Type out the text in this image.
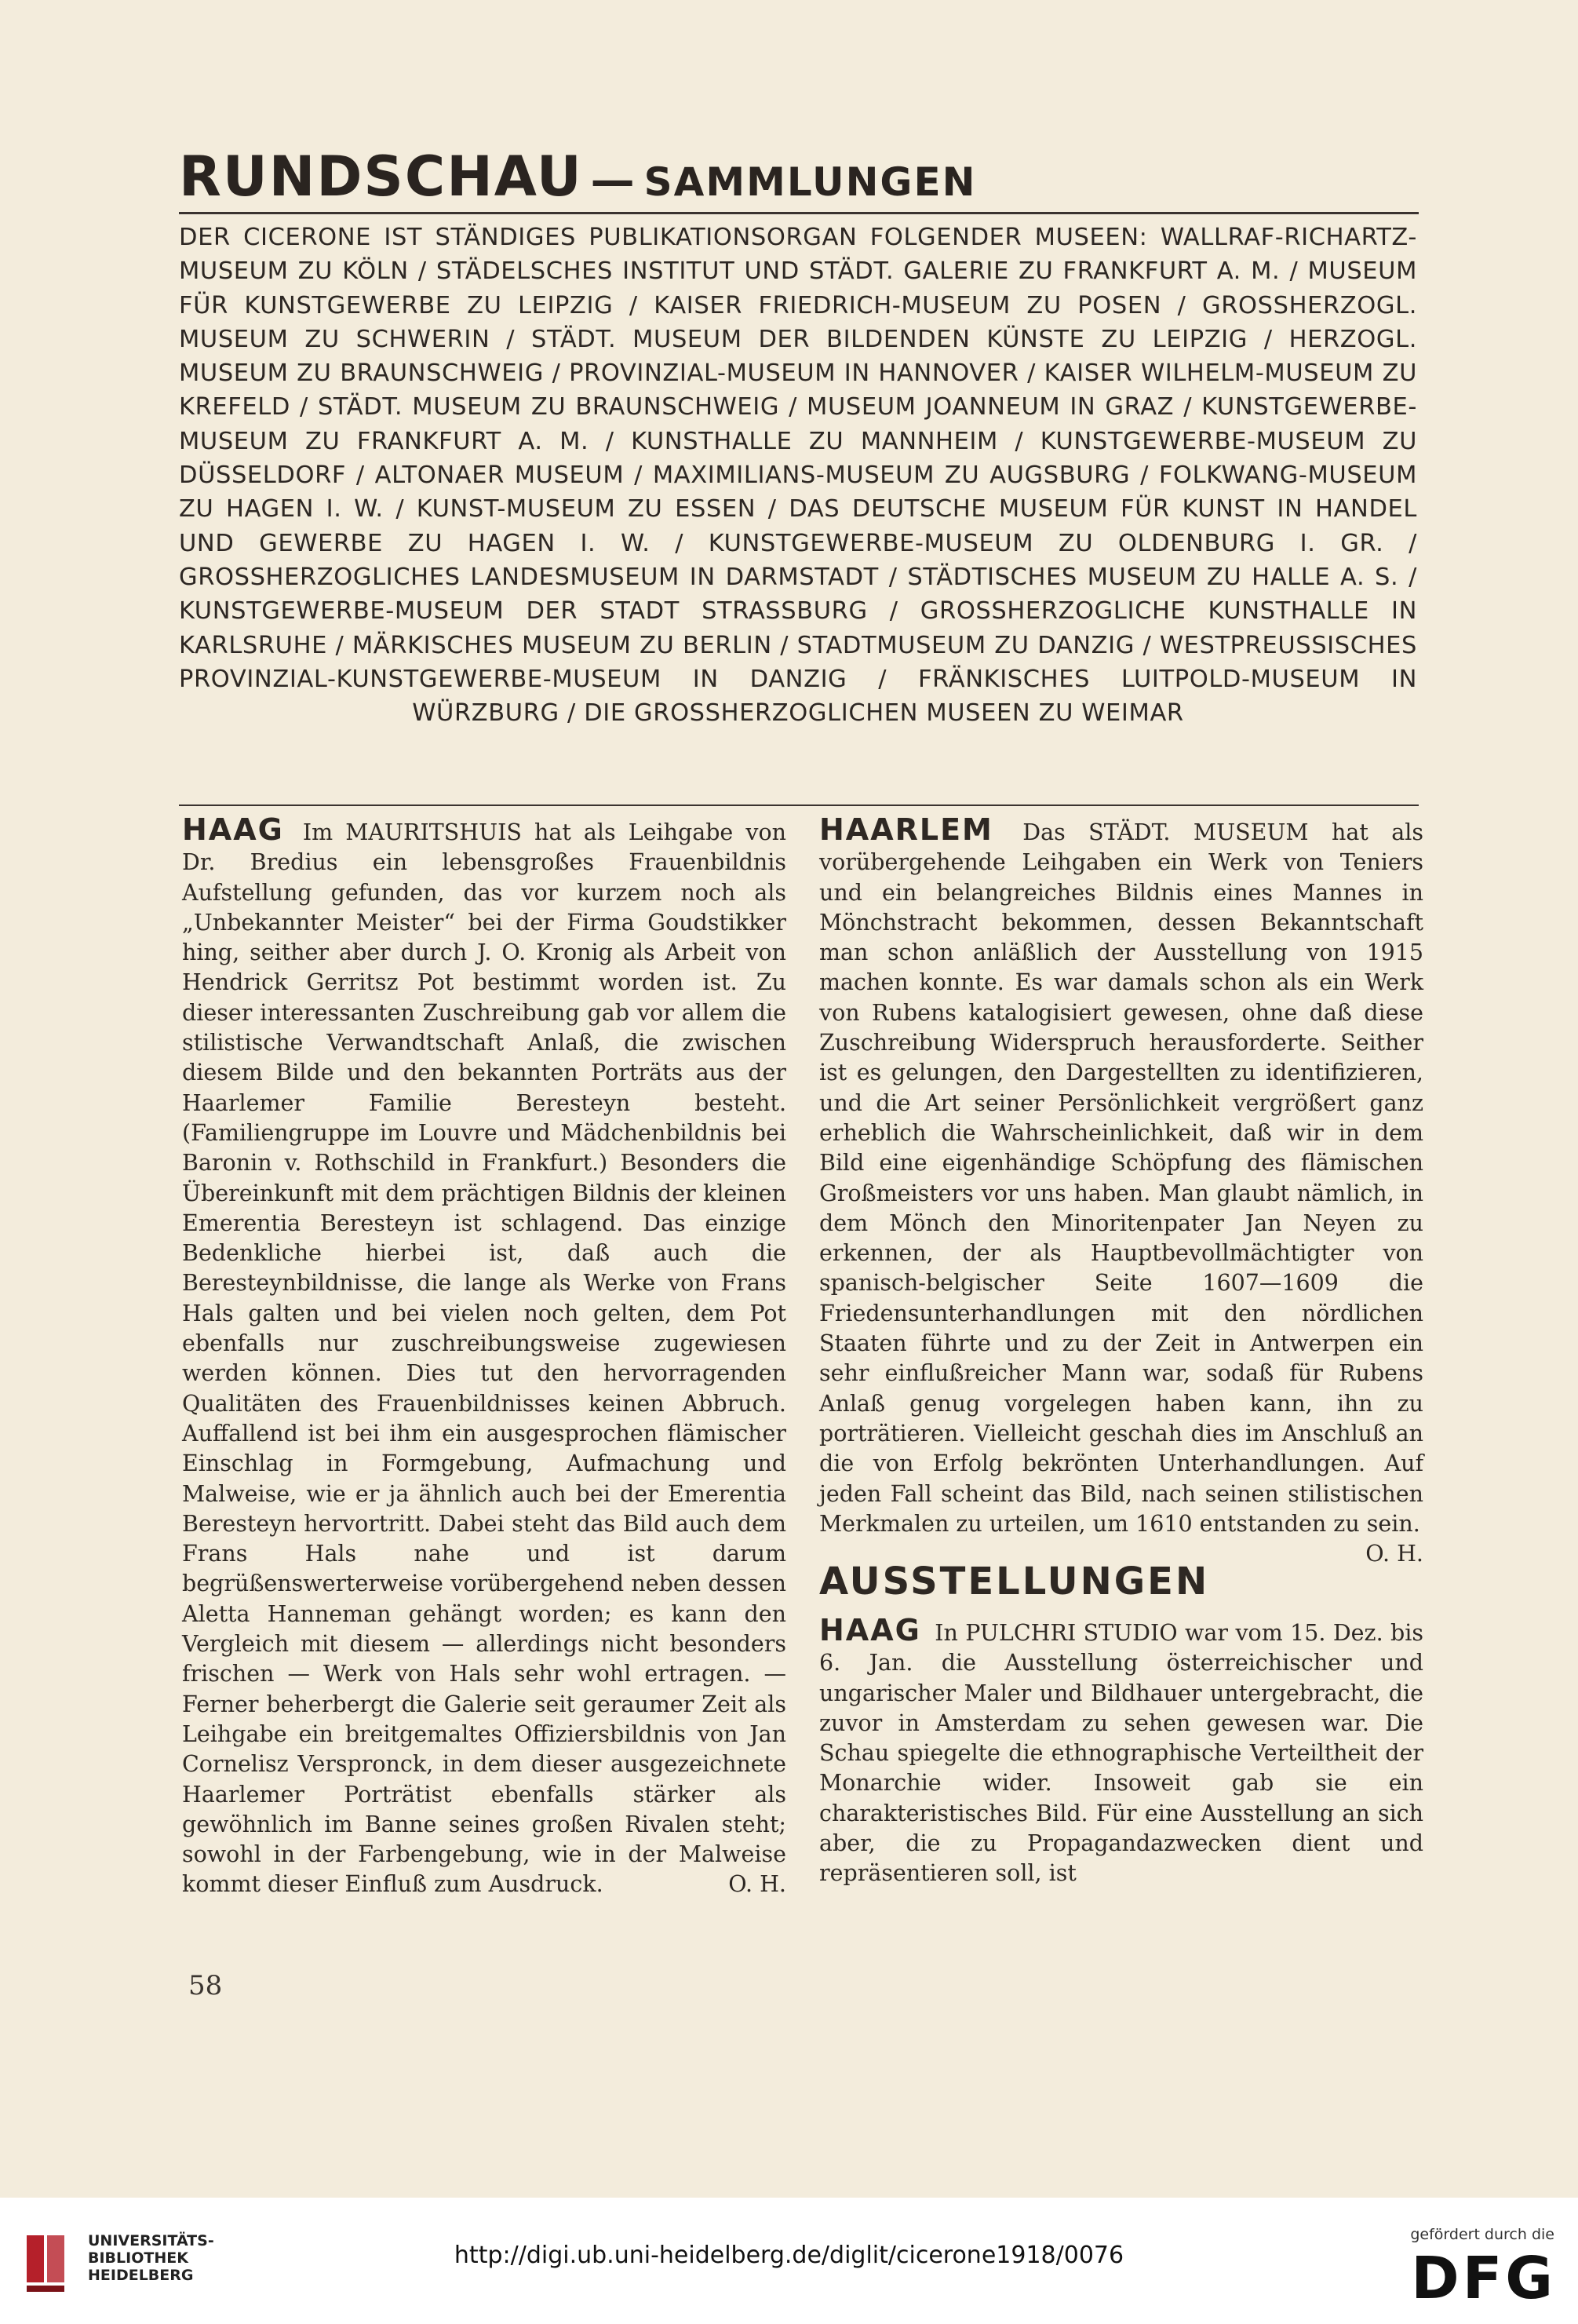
RUNDSCHAU — SAMMLUNGEN
DER CICERONE IST STÄNDIGES PUBLIKATIONSORGAN FOLGENDER MUSEEN: WALLRAF-RICHARTZ-MUSEUM ZU KÖLN / STÄDELSCHES INSTITUT UND STÄDT. GALERIE ZU FRANKFURT A. M. / MUSEUM FÜR KUNSTGEWERBE ZU LEIPZIG / KAISER FRIEDRICH-MUSEUM ZU POSEN / GROSSHERZOGL. MUSEUM ZU SCHWERIN / STÄDT. MUSEUM DER BILDENDEN KÜNSTE ZU LEIPZIG / HERZOGL. MUSEUM ZU BRAUNSCHWEIG / PROVINZIAL-MUSEUM IN HANNOVER / KAISER WILHELM-MUSEUM ZU KREFELD / STÄDT. MUSEUM ZU BRAUNSCHWEIG / MUSEUM JOANNEUM IN GRAZ / KUNSTGEWERBE-MUSEUM ZU FRANKFURT A. M. / KUNSTHALLE ZU MANNHEIM / KUNSTGEWERBE-MUSEUM ZU DÜSSELDORF / ALTONAER MUSEUM / MAXIMILIANS-MUSEUM ZU AUGSBURG / FOLKWANG-MUSEUM ZU HAGEN I. W. / KUNST-MUSEUM ZU ESSEN / DAS DEUTSCHE MUSEUM FÜR KUNST IN HANDEL UND GEWERBE ZU HAGEN I. W. / KUNSTGEWERBE-MUSEUM ZU OLDENBURG I. GR. / GROSSHERZOGLICHES LANDESMUSEUM IN DARMSTADT / STÄDTISCHES MUSEUM ZU HALLE A. S. / KUNSTGEWERBE-MUSEUM DER STADT STRASSBURG / GROSSHERZOGLICHE KUNSTHALLE IN KARLSRUHE / MÄRKISCHES MUSEUM ZU BERLIN / STADTMUSEUM ZU DANZIG / WESTPREUSSISCHES PROVINZIAL-KUNSTGEWERBE-MUSEUM IN DANZIG / FRÄNKISCHES LUITPOLD-MUSEUM IN WÜRZBURG / DIE GROSSHERZOGLICHEN MUSEEN ZU WEIMAR

HAAG Im MAURITSHUIS hat als Leihgabe von Dr. Bredius ein lebensgroßes Frauenbildnis Aufstellung gefunden, das vor kurzem noch als „Unbekannter Meister“ bei der Firma Goudstikker hing, seither aber durch J. O. Kronig als Arbeit von Hendrick Gerritsz Pot bestimmt worden ist. Zu dieser interessanten Zuschreibung gab vor allem die stilistische Verwandtschaft Anlaß, die zwischen diesem Bilde und den bekannten Porträts aus der Haarlemer Familie Beresteyn besteht. (Familiengruppe im Louvre und Mädchenbildnis bei Baronin v. Rothschild in Frankfurt.) Besonders die Übereinkunft mit dem prächtigen Bildnis der kleinen Emerentia Beresteyn ist schlagend. Das einzige Bedenkliche hierbei ist, daß auch die Beresteynbildnisse, die lange als Werke von Frans Hals galten und bei vielen noch gelten, dem Pot ebenfalls nur zuschreibungsweise zugewiesen werden können. Dies tut den hervorragenden Qualitäten des Frauenbildnisses keinen Abbruch. Auffallend ist bei ihm ein ausgesprochen flämischer Einschlag in Formgebung, Aufmachung und Malweise, wie er ja ähnlich auch bei der Emerentia Beresteyn hervortritt. Dabei steht das Bild auch dem Frans Hals nahe und ist darum begrüßenswerterweise vorübergehend neben dessen Aletta Hanneman gehängt worden; es kann den Vergleich mit diesem — allerdings nicht besonders frischen — Werk von Hals sehr wohl ertragen. — Ferner beherbergt die Galerie seit geraumer Zeit als Leihgabe ein breitgemaltes Offiziersbildnis von Jan Cornelisz Verspronck, in dem dieser ausgezeichnete Haarlemer Porträtist ebenfalls stärker als gewöhnlich im Banne seines großen Rivalen steht; sowohl in der Farbengebung, wie in der Malweise kommt dieser Einfluß zum Ausdruck.	O. H.

HAARLEM Das STÄDT. MUSEUM hat als vorübergehende Leihgaben ein Werk von Teniers und ein belangreiches Bildnis eines Mannes in Mönchstracht bekommen, dessen Bekanntschaft man schon anläßlich der Ausstellung von 1915 machen konnte. Es war damals schon als ein Werk von Rubens katalogisiert gewesen, ohne daß diese Zuschreibung Widerspruch herausforderte. Seither ist es gelungen, den Dargestellten zu identifizieren, und die Art seiner Persönlichkeit vergrößert ganz erheblich die Wahrscheinlichkeit, daß wir in dem Bild eine eigenhändige Schöpfung des flämischen Großmeisters vor uns haben. Man glaubt nämlich, in dem Mönch den Minoritenpater Jan Neyen zu erkennen, der als Hauptbevollmächtigter von spanisch-belgischer Seite 1607—1609 die Friedensunterhandlungen mit den nördlichen Staaten führte und zu der Zeit in Antwerpen ein sehr einflußreicher Mann war, sodaß für Rubens Anlaß genug vorgelegen haben kann, ihn zu porträtieren. Vielleicht geschah dies im Anschluß an die von Erfolg bekrönten Unterhandlungen. Auf jeden Fall scheint das Bild, nach seinen stilistischen Merkmalen zu urteilen, um 1610 entstanden zu sein.
O. H.

AUSSTELLUNGEN

HAAG In PULCHRI STUDIO war vom 15. Dez. bis 6. Jan. die Ausstellung österreichischer und ungarischer Maler und Bildhauer untergebracht, die zuvor in Amsterdam zu sehen gewesen war. Die Schau spiegelte die ethnographische Verteiltheit der Monarchie wider. Insoweit gab sie ein charakteristisches Bild. Für eine Ausstellung an sich aber, die zu Propagandazwecken dient und repräsentieren soll, ist

58
UNIVERSITÄTS-
BIBLIOTHEK
HEIDELBERG
http://digi.ub.uni-heidelberg.de/diglit/cicerone1918/0076
gefördert durch die
DFG
